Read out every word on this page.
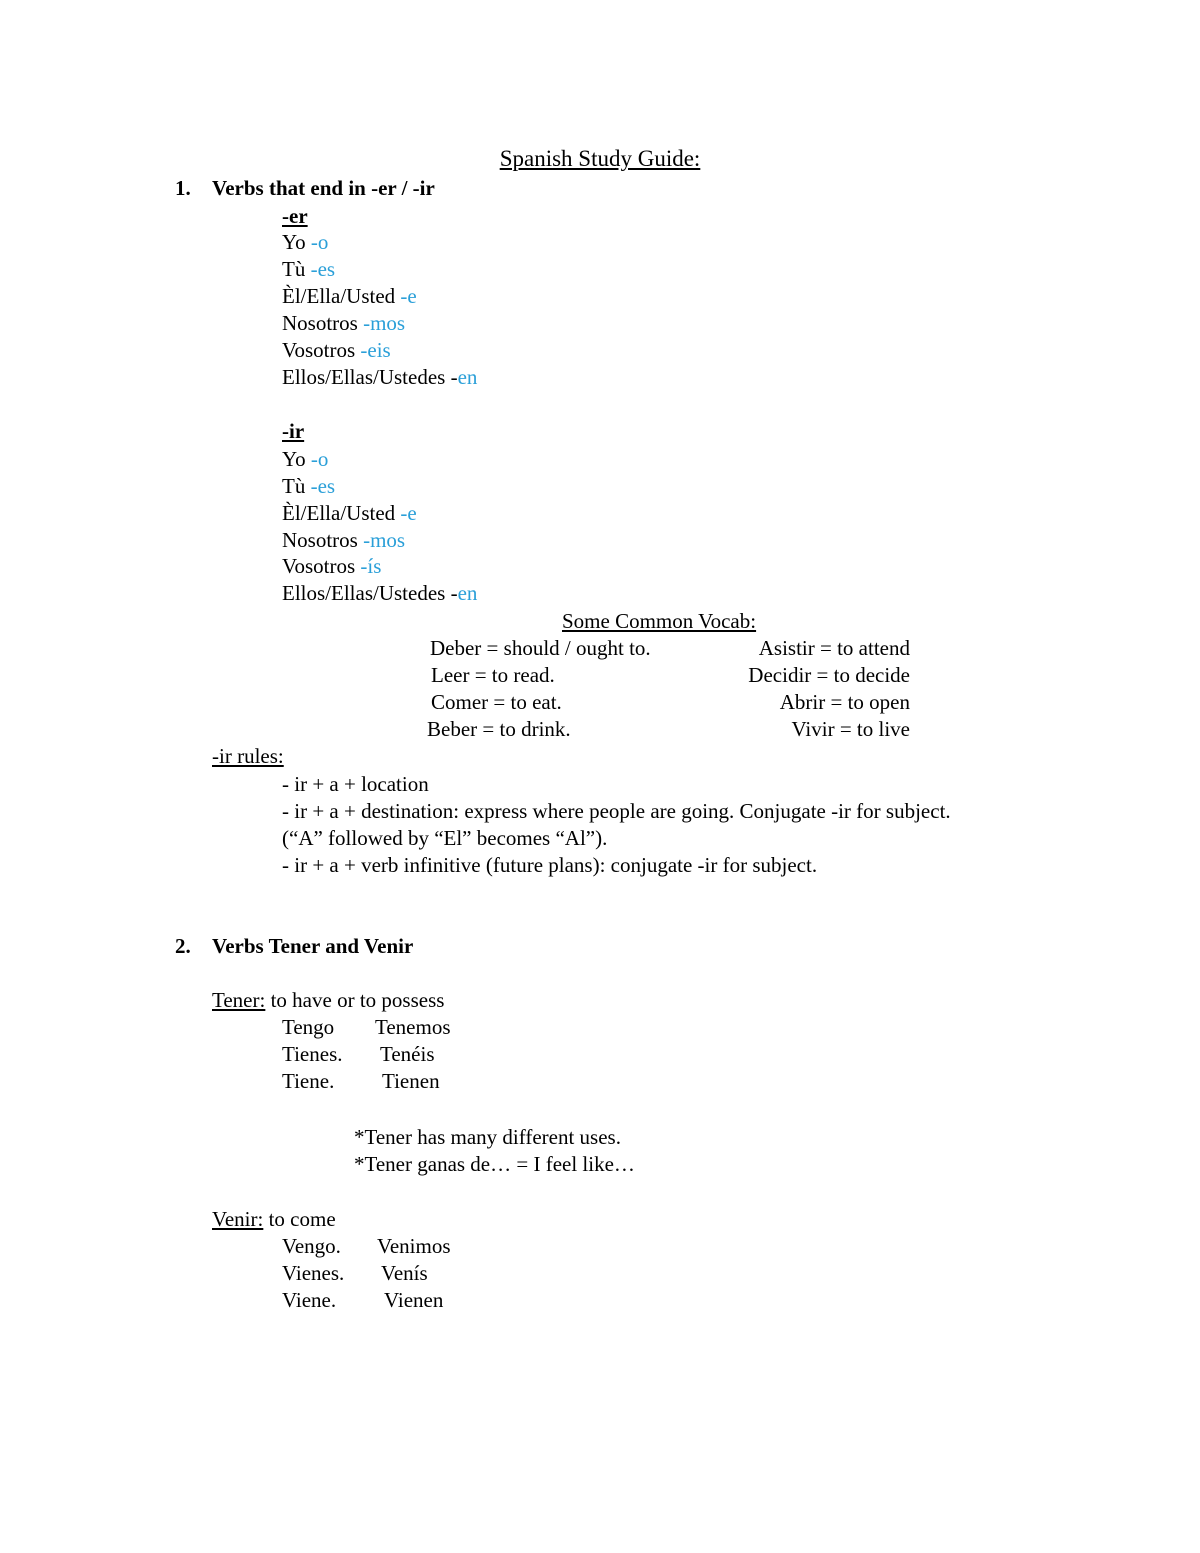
Spanish Study Guide:
1. Verbs that end in -er / -ir
-er
Yo -o
Tù -es
Èl/Ella/Usted -e
Nosotros -mos
Vosotros -eis
Ellos/Ellas/Ustedes -en
-ir
Yo -o
Tù -es
Èl/Ella/Usted -e
Nosotros -mos
Vosotros -ís
Ellos/Ellas/Ustedes -en
Some Common Vocab:
Deber = should / ought to.
Leer = to read.
Comer = to eat.
Beber = to drink.
Asistir = to attend
Decidir = to decide
Abrir = to open
Vivir = to live
-ir rules:
- ir + a + location
- ir + a + destination: express where people are going. Conjugate -ir for subject.
(“A” followed by “El” becomes “Al”).
- ir + a + verb infinitive (future plans): conjugate -ir for subject.
2. Verbs Tener and Venir
Tener: to have or to possess
Tengo
Tienes.
Tiene.
Tenemos
Tenéis
Tienen
*Tener has many different uses.
*Tener ganas de… = I feel like…
Venir: to come
Vengo.
Vienes.
Viene.
Venimos
Venís
Vienen
